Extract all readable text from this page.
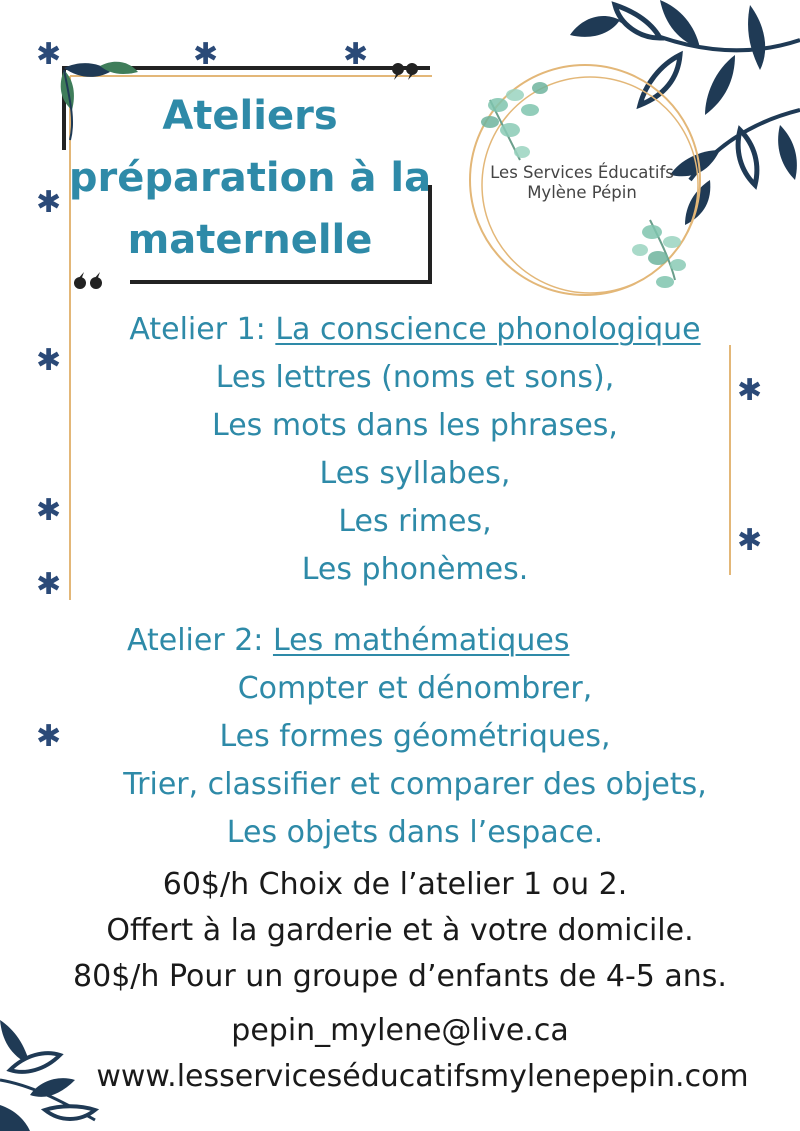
Les Services Éducatifs
Mylène Pépin
Ateliers
préparation à la
maternelle
✱	✱	✱
✱
✱
✱
✱
✱
✱
✱
Atelier 1: La conscience phonologique
Les lettres (noms et sons),
Les mots dans les phrases,
Les syllabes,
Les rimes,
Les phonèmes.
Atelier 2: Les mathématiques
Compter et dénombrer,
Les formes géométriques,
Trier, classifier et comparer des objets,
Les objets dans l’espace.
60$/h Choix de l’atelier 1 ou 2.
Offert à la garderie et à votre domicile.
80$/h Pour un groupe d’enfants de 4-5 ans.
pepin_mylene@live.ca
www.lesservicesé​ducatifsmylenepepin.com
